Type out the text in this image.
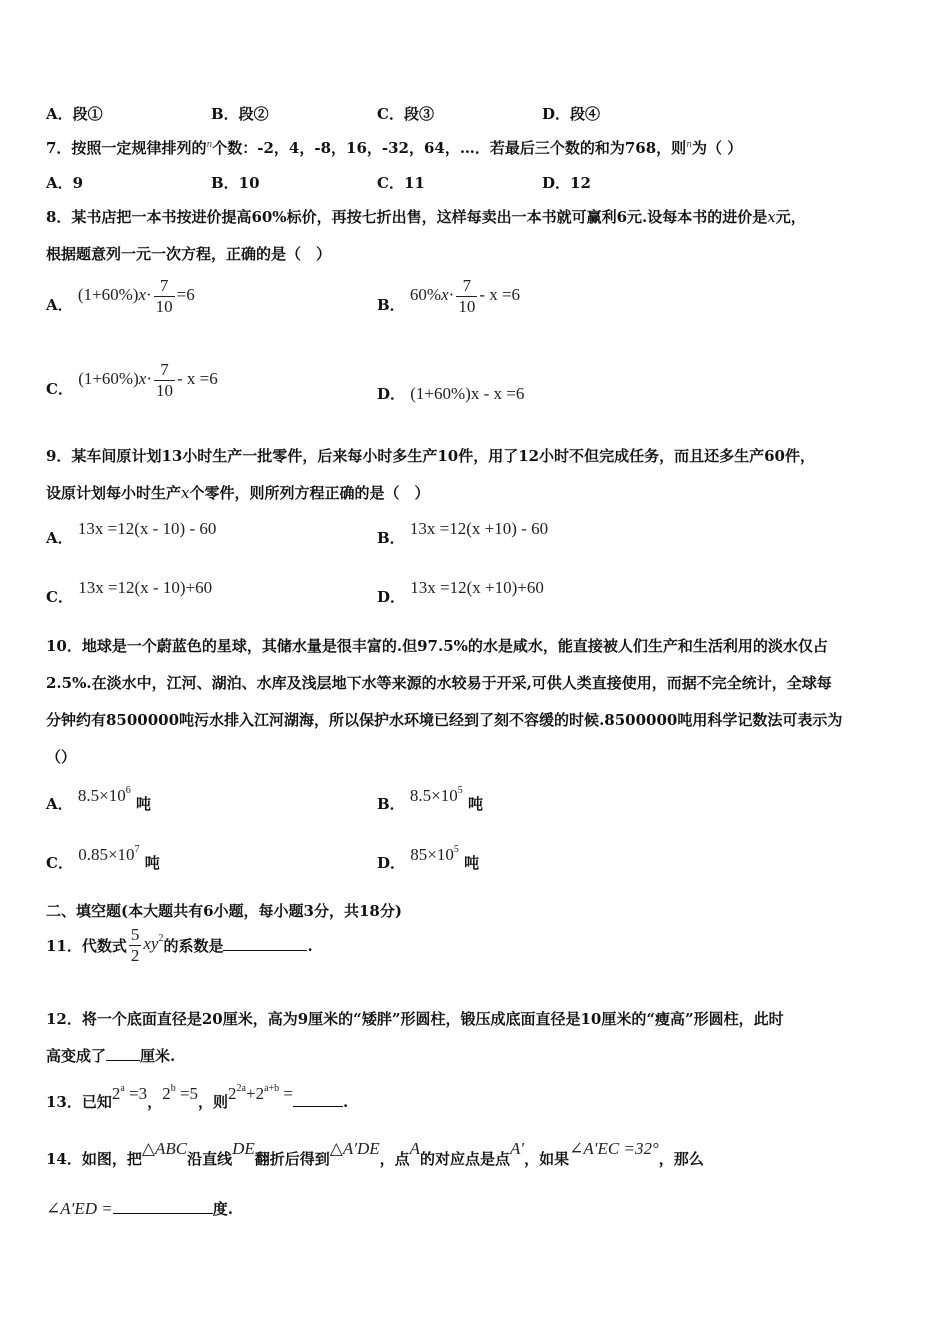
A．段①	B．段②	C．段③	D．段④
7．按照一定规律排列的$^n$个数：-2，4，-8，16，-32，64，…．若最后三个数的和为768，则$^n$为（ ）
A．9	B．10	C．11	D．12
8．某书店把一本书按进价提高60%标价，再按七折出售，这样每卖出一本书就可赢利6元.设每本书的进价是x元，
根据题意列一元一次方程，正确的是（　）
A． $(1+60\%)x\cdot \frac{7}{10} =6$
B． $60\%x\cdot \frac{7}{10} - x =6$
C． $(1+60\%)x\cdot \frac{7}{10} - x =6$
D． (1+60%)x - x =6
9．某车间原计划13小时生产一批零件，后来每小时多生产10件，用了12小时不但完成任务，而且还多生产60件，
设原计划每小时生产x个零件，则所列方程正确的是（　）
A． 13x =12(x - 10) - 60	B． 13x =12(x +10) - 60
C． 13x =12(x - 10)+60	D． 13x =12(x +10)+60
10．地球是一个蔚蓝色的星球，其储水量是很丰富的.但97.5%的水是咸水，能直接被人们生产和生活利用的淡水仅占
2.5%.在淡水中，江河、湖泊、水库及浅层地下水等来源的水较易于开采,可供人类直接使用，而据不完全统计，全球每
分钟约有8500000吨污水排入江河湖海，所以保护水环境已经到了刻不容缓的时候.8500000吨用科学记数法可表示为
（）
A． $8.5\times 10^6$ 吨	B． $8.5\times 10^5$ 吨
C． $0.85\times 10^7$ 吨	D． $85\times 10^5$ 吨
二、填空题(本大题共有6小题，每小题3分，共18分)
11．代数式 $\frac{5}{2} xy^2$的系数是	.
12．将一个底面直径是20厘米，高为9厘米的“矮胖”形圆柱，锻压成底面直径是10厘米的“瘦高”形圆柱，此时
高变成了 厘米.
13．已知$2^a =3$，$2^b =5$，则$2^{2a}+2^{a+b}$ =	.
14．如图，把△ABC沿直线DE翻折后得到△A′DE，点A的对应点是点A′，如果∠A′EC =32°，那么
∠A′ED =	度.
